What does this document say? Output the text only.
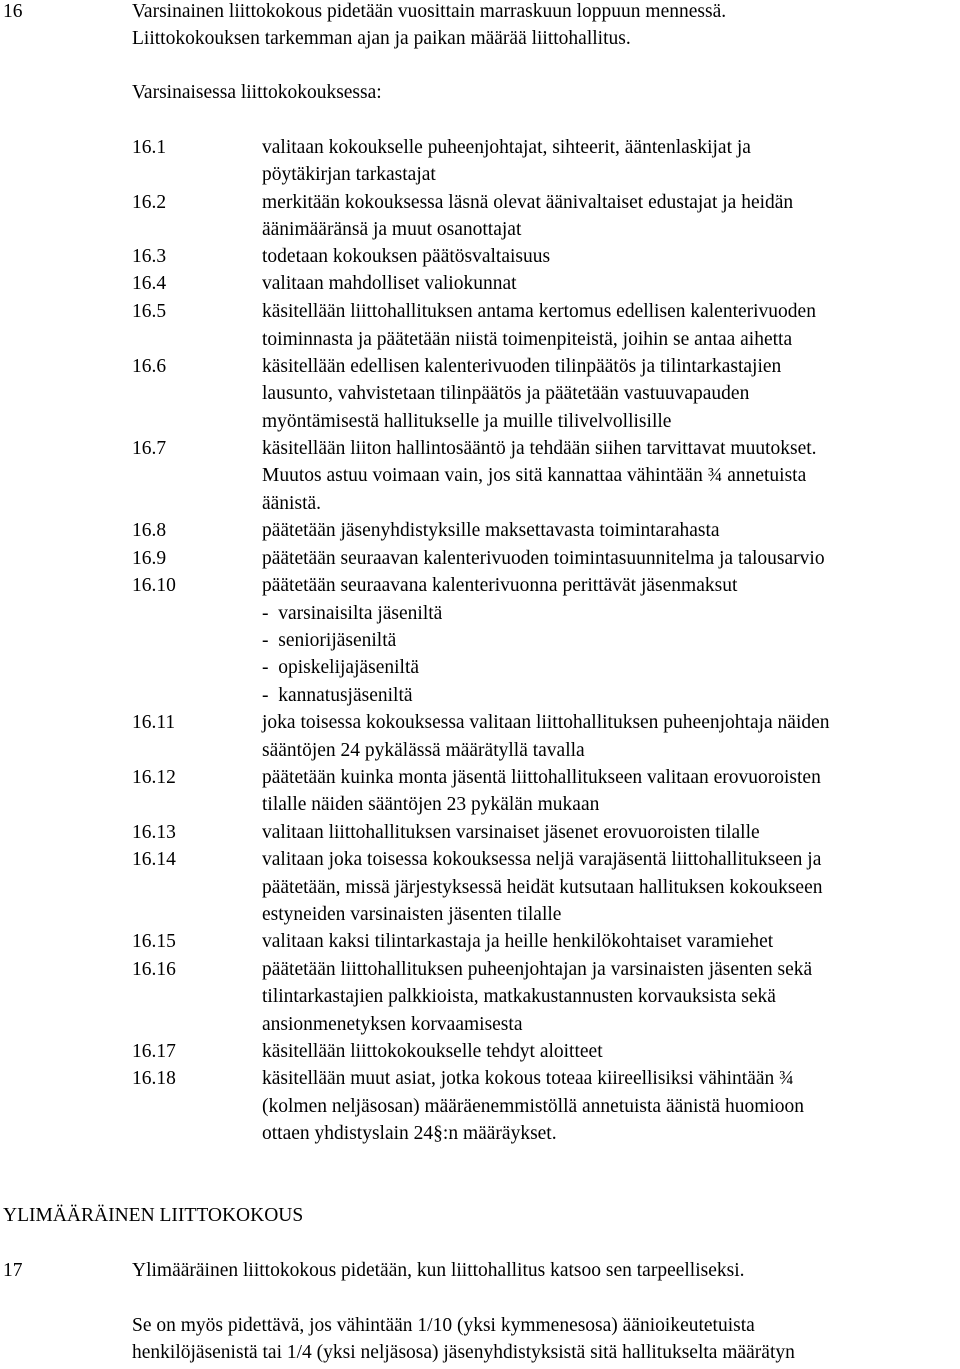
16	Varsinainen liittokokous pidetään vuosittain marraskuun loppuun mennessä.
Liittokokouksen tarkemman ajan ja paikan määrää liittohallitus.
Varsinaisessa liittokokouksessa:
16.1	valitaan kokoukselle puheenjohtajat, sihteerit, ääntenlaskijat ja
pöytäkirjan tarkastajat
16.2	merkitään kokouksessa läsnä olevat äänivaltaiset edustajat ja heidän
äänimääränsä ja muut osanottajat
16.3	todetaan kokouksen päätösvaltaisuus
16.4	valitaan mahdolliset valiokunnat
16.5	käsitellään liittohallituksen antama kertomus edellisen kalenterivuoden
toiminnasta ja päätetään niistä toimenpiteistä, joihin se antaa aihetta
16.6	käsitellään edellisen kalenterivuoden tilinpäätös ja tilintarkastajien
lausunto, vahvistetaan tilinpäätös ja päätetään vastuuvapauden
myöntämisestä hallitukselle ja muille tilivelvollisille
16.7	käsitellään liiton hallintosääntö ja tehdään siihen tarvittavat muutokset.
Muutos astuu voimaan vain, jos sitä kannattaa vähintään ¾ annetuista
äänistä.
16.8	päätetään jäsenyhdistyksille maksettavasta toimintarahasta
16.9	päätetään seuraavan kalenterivuoden toimintasuunnitelma ja talousarvio
16.10	päätetään seuraavana kalenterivuonna perittävät jäsenmaksut
-  varsinaisilta jäseniltä
-  seniorijäseniltä
-  opiskelijajäseniltä
-  kannatusjäseniltä
16.11	joka toisessa kokouksessa valitaan liittohallituksen puheenjohtaja näiden
sääntöjen 24 pykälässä määrätyllä tavalla
16.12	päätetään kuinka monta jäsentä liittohallitukseen valitaan erovuoroisten
tilalle näiden sääntöjen 23 pykälän mukaan
16.13	valitaan liittohallituksen varsinaiset jäsenet erovuoroisten tilalle
16.14	valitaan joka toisessa kokouksessa neljä varajäsentä liittohallitukseen ja
päätetään, missä järjestyksessä heidät kutsutaan hallituksen kokoukseen
estyneiden varsinaisten jäsenten tilalle
16.15	valitaan kaksi tilintarkastaja ja heille henkilökohtaiset varamiehet
16.16	päätetään liittohallituksen puheenjohtajan ja varsinaisten jäsenten sekä
tilintarkastajien palkkioista, matkakustannusten korvauksista sekä
ansionmenetyksen korvaamisesta
16.17	käsitellään liittokokoukselle tehdyt aloitteet
16.18	käsitellään muut asiat, jotka kokous toteaa kiireellisiksi vähintään ¾
(kolmen neljäsosan) määräenemmistöllä annetuista äänistä huomioon
ottaen yhdistyslain 24§:n määräykset.
YLIMÄÄRÄINEN LIITTOKOKOUS
17	Ylimääräinen liittokokous pidetään, kun liittohallitus katsoo sen tarpeelliseksi.
Se on myös pidettävä, jos vähintään 1/10 (yksi kymmenesosa) äänioikeutetuista
henkilöjäsenistä tai 1/4 (yksi neljäsosa) jäsenyhdistyksistä sitä hallitukselta määrätyn
